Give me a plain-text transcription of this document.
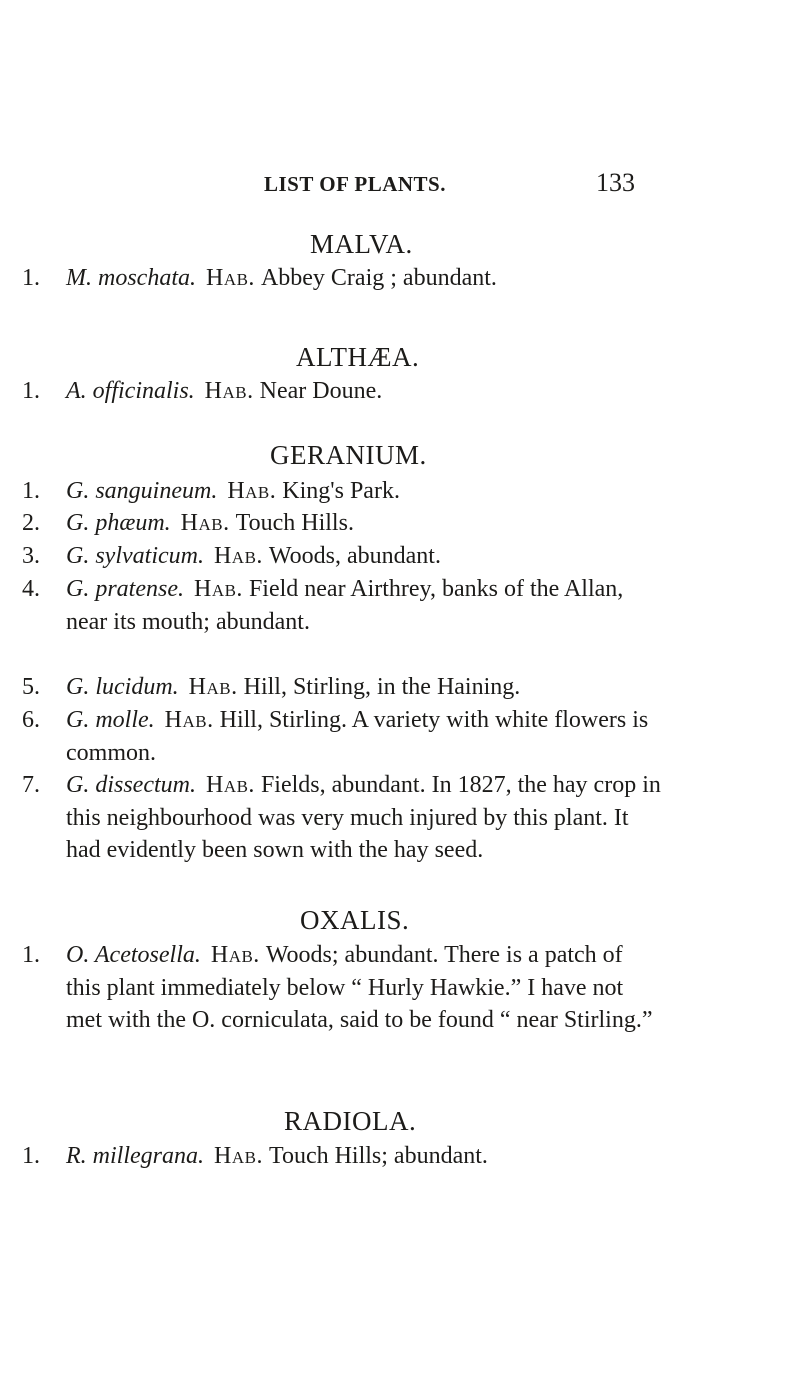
LIST OF PLANTS.	133
MALVA.
1. M. moschata. Hab. Abbey Craig ; abundant.
ALTHÆA.
1. A. officinalis. Hab. Near Doune.
GERANIUM.
1. G. sanguineum. Hab. King's Park.
2. G. phæum. Hab. Touch Hills.
3. G. sylvaticum. Hab. Woods, abundant.
4. G. pratense. Hab. Field near Airthrey, banks of the Allan, near its mouth; abundant.
5. G. lucidum. Hab. Hill, Stirling, in the Haining.
6. G. molle. Hab. Hill, Stirling. A variety with white flowers is common.
7. G. dissectum. Hab. Fields, abundant. In 1827, the hay crop in this neighbourhood was very much injured by this plant. It had evidently been sown with the hay seed.
OXALIS.
1. O. Acetosella. Hab. Woods; abundant. There is a patch of this plant immediately below “ Hurly Hawkie.” I have not met with the O. corniculata, said to be found “ near Stirling.”
RADIOLA.
1. R. millegrana. Hab. Touch Hills; abundant.
